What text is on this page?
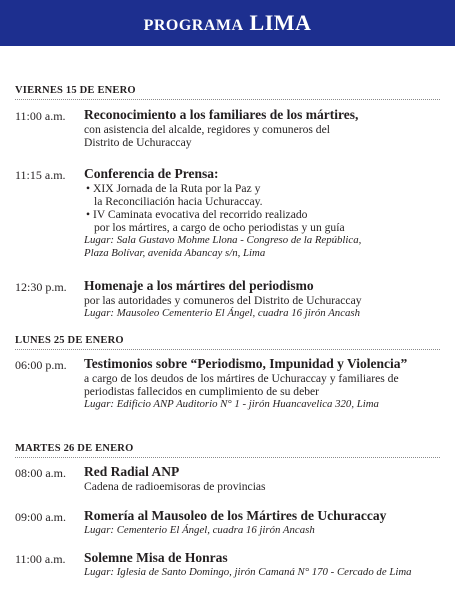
PROGRAMA LIMA
VIERNES 15 DE ENERO
11:00 a.m. Reconocimiento a los familiares de los mártires,
con asistencia del alcalde, regidores y comuneros del
Distrito de Uchuraccay
11:15 a.m. Conferencia de Prensa:
• XIX Jornada de la Ruta por la Paz y
la Reconciliación hacia Uchuraccay.
• IV Caminata evocativa del recorrido realizado
por los mártires, a cargo de ocho periodistas y un guía
Lugar: Sala Gustavo Mohme Llona - Congreso de la República,
Plaza Bolívar, avenida Abancay s/n, Lima
12:30 p.m. Homenaje a los mártires del periodismo
por las autoridades y comuneros del Distrito de Uchuraccay
Lugar: Mausoleo Cementerio El Ángel, cuadra 16 jirón Ancash
LUNES 25 DE ENERO
06:00 p.m. Testimonios sobre “Periodismo, Impunidad y Violencia”
a cargo de los deudos de los mártires de Uchuraccay y familiares de
periodistas fallecidos en cumplimiento de su deber
Lugar: Edificio ANP Auditorio N° 1 - jirón Huancavelica 320, Lima
MARTES 26 DE ENERO
08:00 a.m. Red Radial ANP
Cadena de radioemisoras de provincias
09:00 a.m. Romería al Mausoleo de los Mártires de Uchuraccay
Lugar: Cementerio El Ángel, cuadra 16 jirón Ancash
11:00 a.m. Solemne Misa de Honras
Lugar: Iglesia de Santo Domingo, jirón Camaná N° 170 - Cercado de Lima
